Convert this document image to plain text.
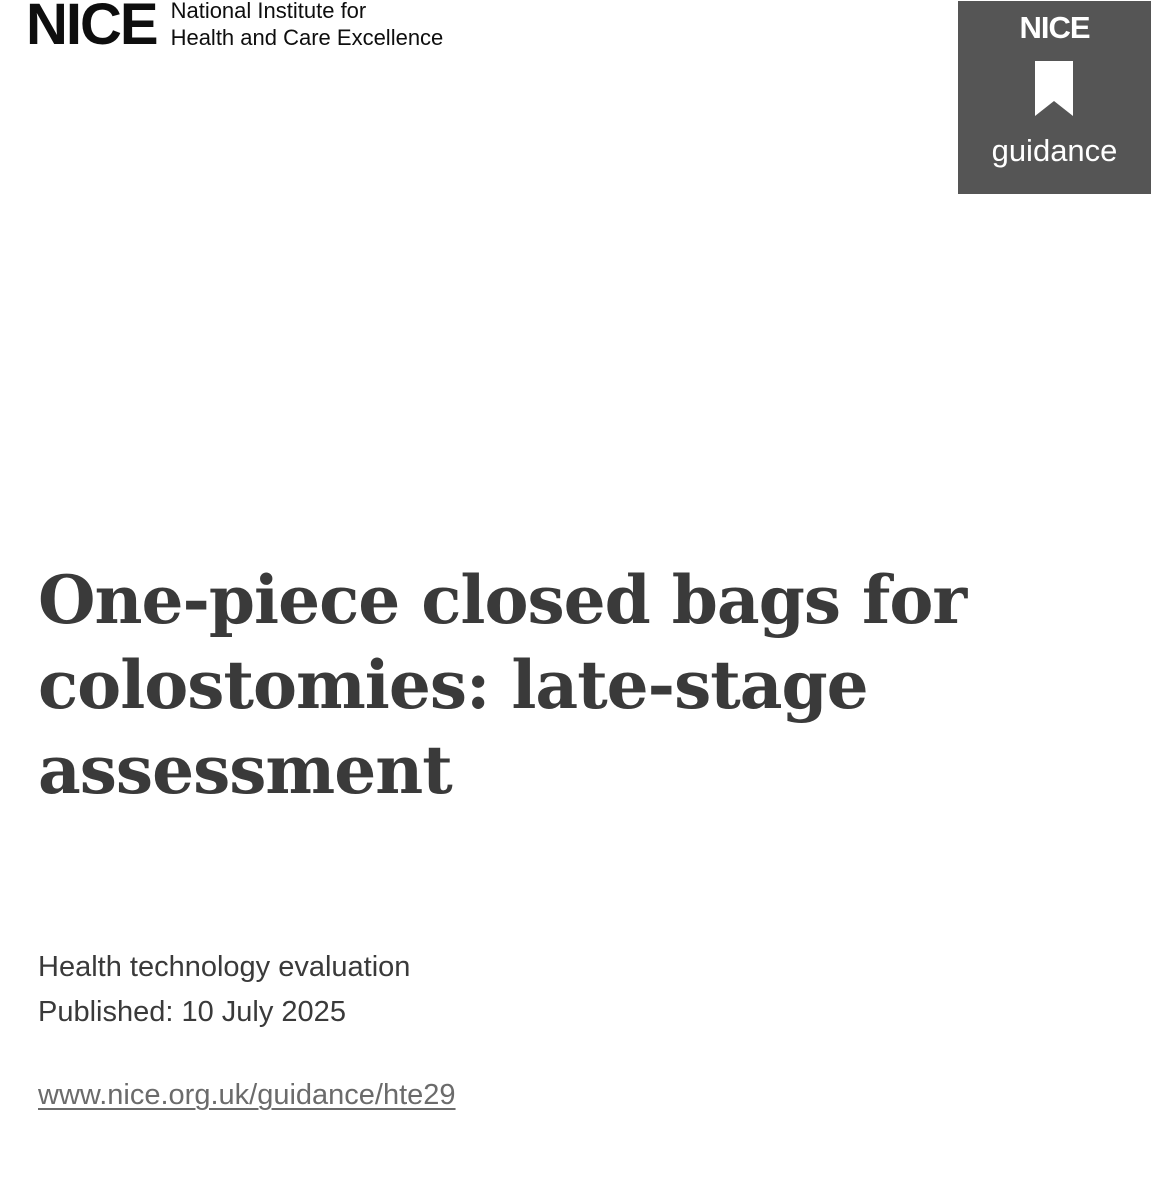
NICE National Institute for
Health and Care Excellence	NICE
guidance
One-piece closed bags for colostomies: late-stage assessment
Health technology evaluation
Published: 10 July 2025
www.nice.org.uk/guidance/hte29
